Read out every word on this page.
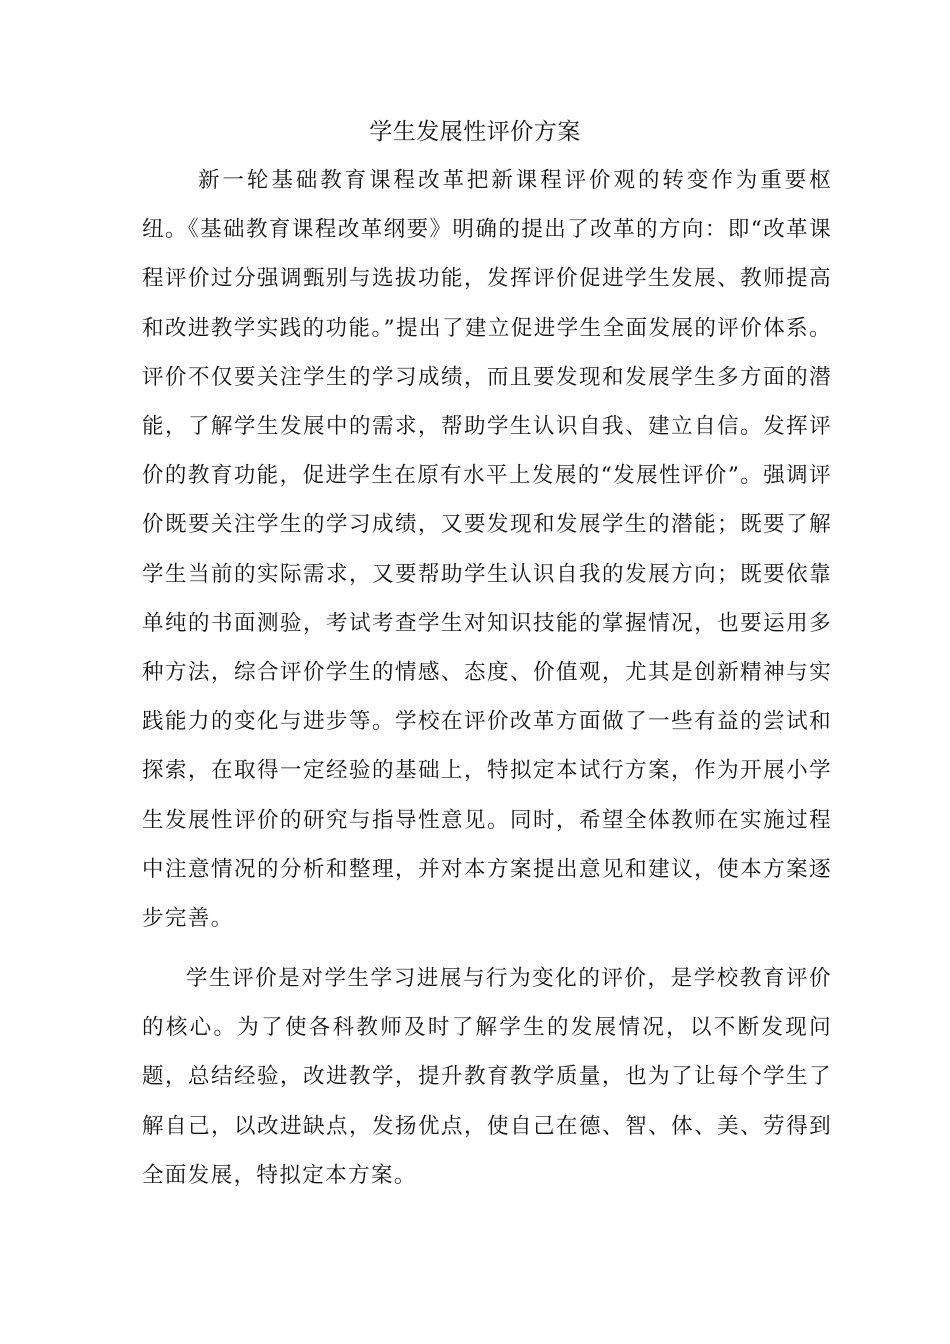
学生发展性评价方案

新一轮基础教育课程改革把新课程评价观的转变作为重要枢纽。《基础教育课程改革纲要》明确的提出了改革的方向：即“改革课程评价过分强调甄别与选拔功能，发挥评价促进学生发展、教师提高和改进教学实践的功能。”提出了建立促进学生全面发展的评价体系。评价不仅要关注学生的学习成绩，而且要发现和发展学生多方面的潜能，了解学生发展中的需求，帮助学生认识自我、建立自信。发挥评价的教育功能，促进学生在原有水平上发展的“发展性评价”。强调评价既要关注学生的学习成绩，又要发现和发展学生的潜能；既要了解学生当前的实际需求，又要帮助学生认识自我的发展方向；既要依靠单纯的书面测验，考试考查学生对知识技能的掌握情况，也要运用多种方法，综合评价学生的情感、态度、价值观，尤其是创新精神与实践能力的变化与进步等。学校在评价改革方面做了一些有益的尝试和探索，在取得一定经验的基础上，特拟定本试行方案，作为开展小学生发展性评价的研究与指导性意见。同时，希望全体教师在实施过程中注意情况的分析和整理，并对本方案提出意见和建议，使本方案逐步完善。

学生评价是对学生学习进展与行为变化的评价，是学校教育评价的核心。为了使各科教师及时了解学生的发展情况，以不断发现问题，总结经验，改进教学，提升教育教学质量，也为了让每个学生了解自己，以改进缺点，发扬优点，使自己在德、智、体、美、劳得到全面发展，特拟定本方案。
